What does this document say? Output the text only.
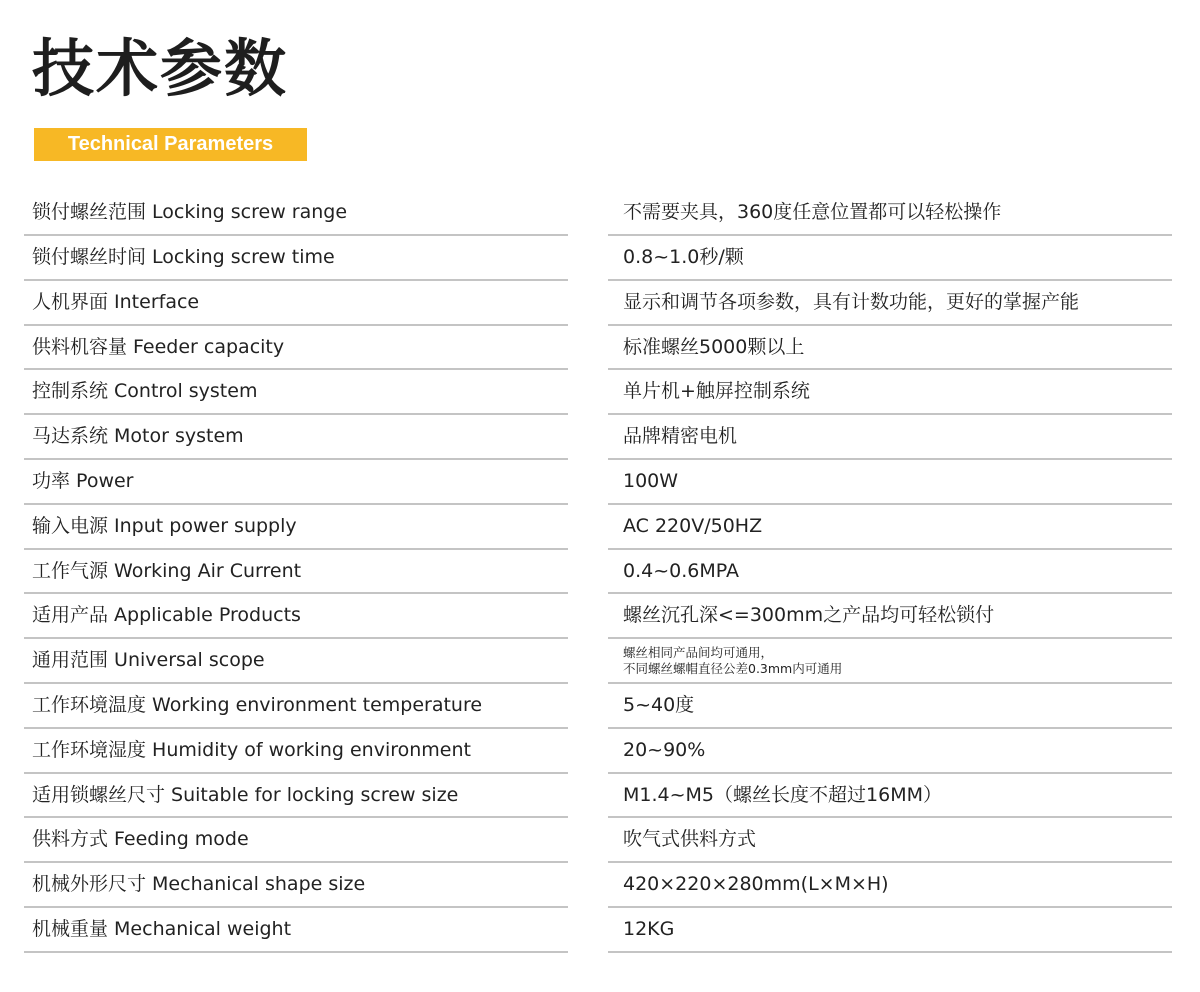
技术参数
Technical Parameters
锁付螺丝范围 Locking screw range
锁付螺丝时间 Locking screw time
人机界面 Interface
供料机容量 Feeder capacity
控制系统 Control system
马达系统 Motor system
功率 Power
输入电源 Input power supply
工作气源 Working Air Current
适用产品 Applicable Products
通用范围 Universal scope
工作环境温度 Working environment temperature
工作环境湿度 Humidity of working environment
适用锁螺丝尺寸 Suitable for locking screw size
供料方式 Feeding mode
机械外形尺寸 Mechanical shape size
机械重量 Mechanical weight
不需要夹具，360度任意位置都可以轻松操作
0.8~1.0秒/颗
显示和调节各项参数，具有计数功能，更好的掌握产能
标准螺丝5000颗以上
单片机+触屏控制系统
品牌精密电机
100W
AC 220V/50HZ
0.4~0.6MPA
螺丝沉孔深<=300mm之产品均可轻松锁付
螺丝相同产品间均可通用，
不同螺丝螺帽直径公差0.3mm内可通用
5~40度
20~90%
M1.4~M5（螺丝长度不超过16MM）
吹气式供料方式
420×220×280mm(L×M×H)
12KG
